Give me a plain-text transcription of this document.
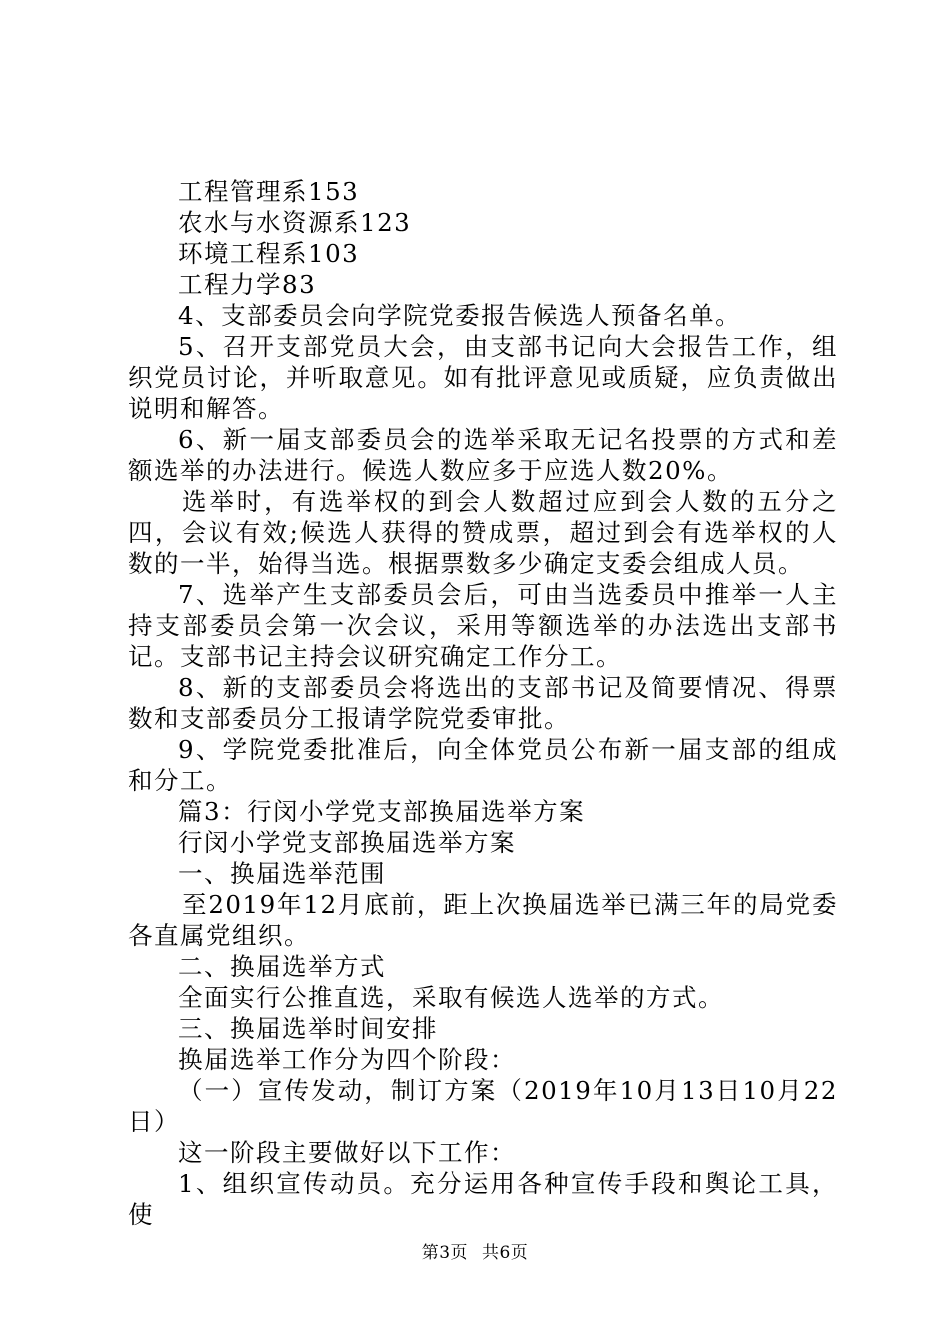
工程管理系153

农水与水资源系123

环境工程系103

工程力学83

4、支部委员会向学院党委报告候选人预备名单。

5、召开支部党员大会，由支部书记向大会报告工作，组织党员讨论，并听取意见。如有批评意见或质疑，应负责做出说明和解答。

6、新一届支部委员会的选举采取无记名投票的方式和差额选举的办法进行。候选人数应多于应选人数20%。

选举时，有选举权的到会人数超过应到会人数的五分之四，会议有效;候选人获得的赞成票，超过到会有选举权的人数的一半，始得当选。根据票数多少确定支委会组成人员。

7、选举产生支部委员会后，可由当选委员中推举一人主持支部委员会第一次会议，采用等额选举的办法选出支部书记。支部书记主持会议研究确定工作分工。

8、新的支部委员会将选出的支部书记及简要情况、得票数和支部委员分工报请学院党委审批。

9、学院党委批准后，向全体党员公布新一届支部的组成和分工。

篇3：行闵小学党支部换届选举方案

行闵小学党支部换届选举方案

一、换届选举范围

至2019年12月底前，距上次换届选举已满三年的局党委各直属党组织。

二、换届选举方式

全面实行公推直选，采取有候选人选举的方式。

三、换届选举时间安排

换届选举工作分为四个阶段：

（一）宣传发动，制订方案（2019年10月13日10月22日）

这一阶段主要做好以下工作：

1、组织宣传动员。充分运用各种宣传手段和舆论工具，使

第3页 共6页
